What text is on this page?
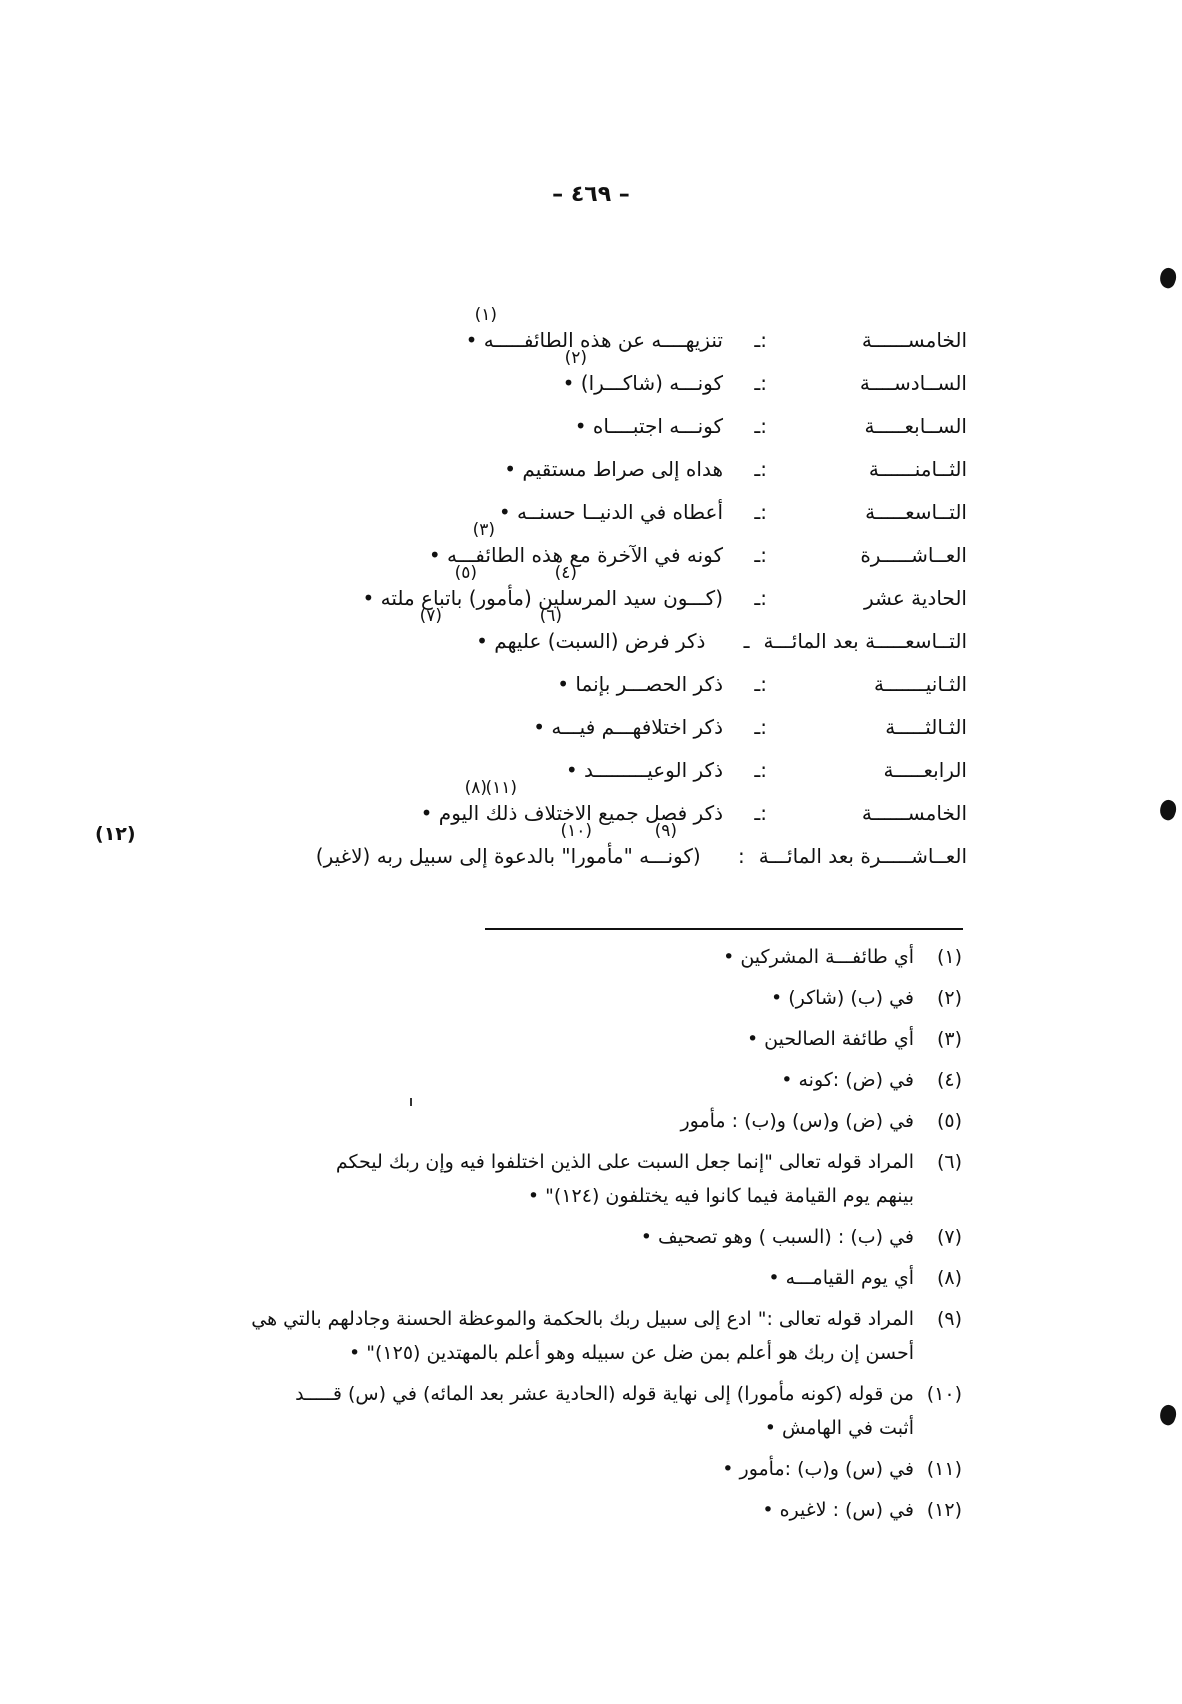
– ٤٦٩ –
الخامســــــة:ـتنزيهــــه عن هذه الطائفـــــه •
(١)
الســادســــة:ـكونـــه (شاكـــرا) •
(٢)
الســابعـــــة:ـكونـــه اجتبــــاه •
الثــامنــــــة:ـهداه إلى صراط مستقيم •
التــاسعـــــة:ـأعطاه في الدنيــا حسنــه •
العــاشـــــرة:ـكونه في الآخرة مع هذه الطائفـــه •
(٣)
الحادية عشر:ـ(كـــون سيد المرسلين (مأمور) باتباع ملته •
(٤)
(٥)
التــاسعـــــة بعد المائـــةـذكر فرض (السبت) عليهم •
(٦)
(٧)
الثـانيـــــــة:ـذكر الحصـــر بإنما •
الثـالثـــــة:ـذكر اختلافهـــم فيـــه •
الرابعـــــة:ـذكر الوعيـــــــــد •
الخامســــــة:ـذكر فصل جميع الاختلاف ذلك اليوم •
(٨)
(١١)
العــاشـــــرة بعد المائـــة:(كونـــه "مأمورا" بالدعوة إلى سبيل ربه (لاغير)
(٩)
(١٠)
(١٢)
(١)أي طائفـــة المشركين •
(٢)في (ب) (شاكر) •
(٣)أي طائفة الصالحين •
(٤)في (ض) :كونه •
(٥)في (ض) و(س) و(ب) : مأمور
(٦)المراد قوله تعالى "إنما جعل السبت على الذين اختلفوا فيه وإن ربك ليحكم
بينهم يوم القيامة فيما كانوا فيه يختلفون (١٢٤)" •
(٧)في (ب) : (السبب ) وهو تصحيف •
(٨)أي يوم القيامـــه •
(٩)المراد قوله تعالى :" ادع إلى سبيل ربك بالحكمة والموعظة الحسنة وجادلهم بالتي هي
أحسن إن ربك هو أعلم بمن ضل عن سبيله وهو أعلم بالمهتدين (١٢٥)" •
(١٠)من قوله (كونه مأمورا) إلى نهاية قوله (الحادية عشر بعد المائه) في (س) قـــــد
أثبت في الهامش •
(١١)في (س) و(ب) :مأمور •
(١٢)في (س) : لاغيره •
